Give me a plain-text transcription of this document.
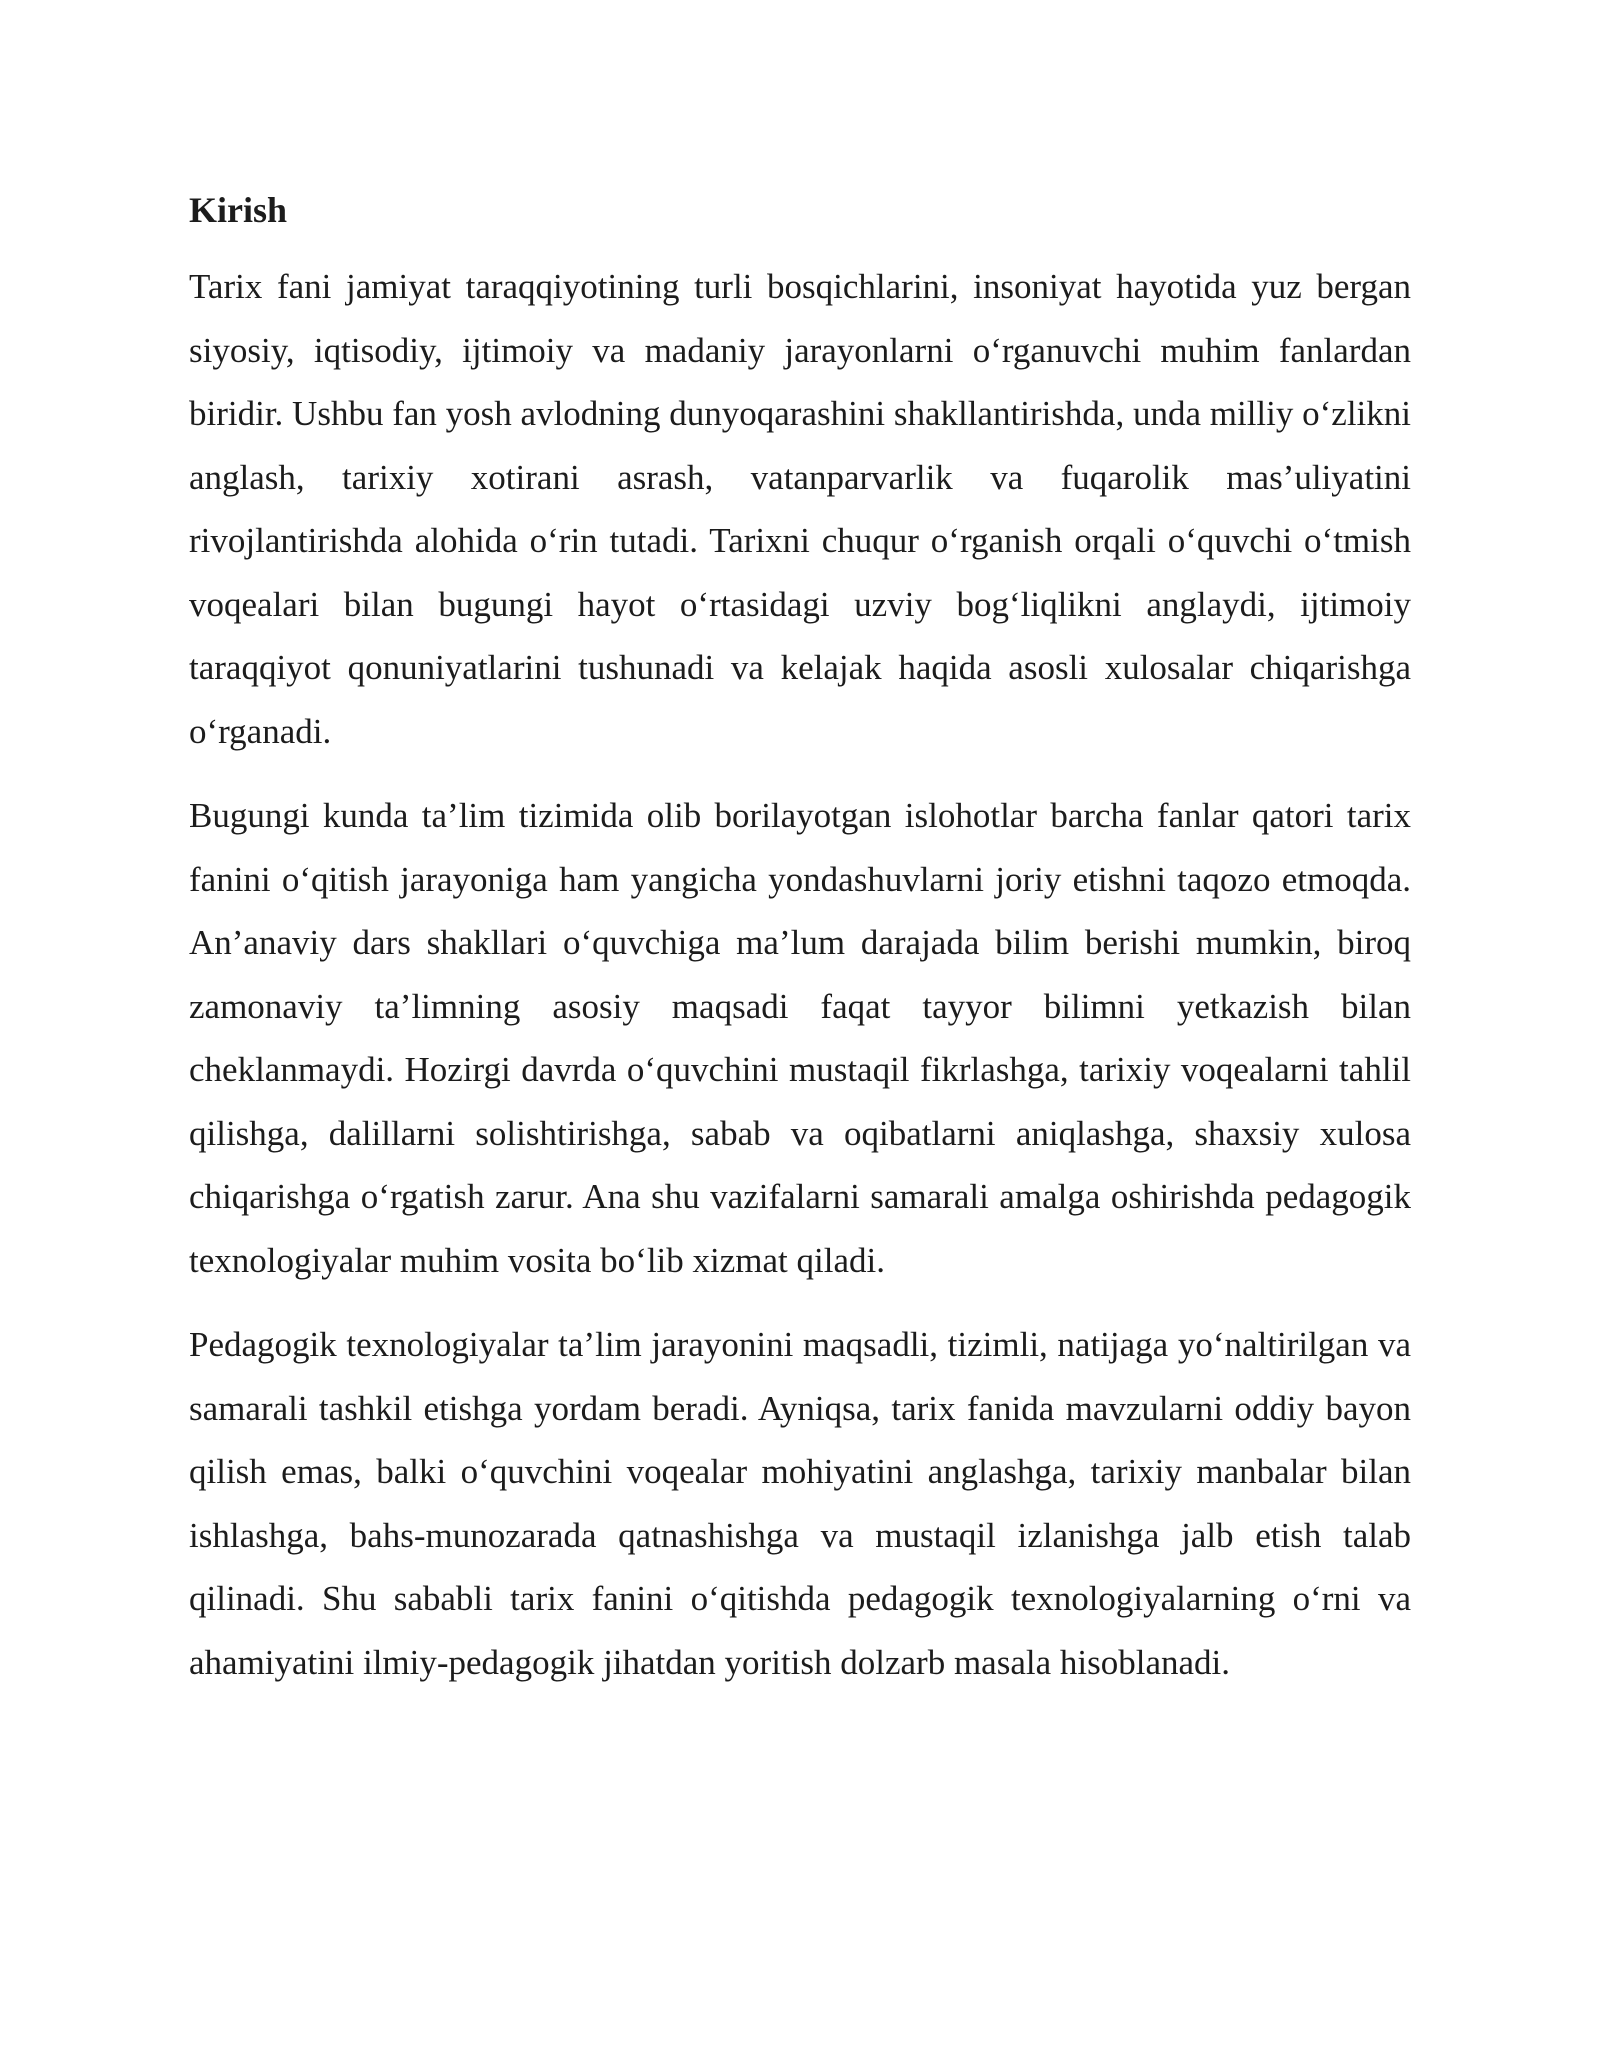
Kirish

Tarix fani jamiyat taraqqiyotining turli bosqichlarini, insoniyat hayotida yuz bergan siyosiy, iqtisodiy, ijtimoiy va madaniy jarayonlarni o‘rganuvchi muhim fanlardan biridir. Ushbu fan yosh avlodning dunyoqarashini shakllantirishda, unda milliy o‘zlikni anglash, tarixiy xotirani asrash, vatanparvarlik va fuqarolik mas’uliyatini rivojlantirishda alohida o‘rin tutadi. Tarixni chuqur o‘rganish orqali o‘quvchi o‘tmish voqealari bilan bugungi hayot o‘rtasidagi uzviy bog‘liqlikni anglaydi, ijtimoiy taraqqiyot qonuniyatlarini tushunadi va kelajak haqida asosli xulosalar chiqarishga o‘rganadi.

Bugungi kunda ta’lim tizimida olib borilayotgan islohotlar barcha fanlar qatori tarix fanini o‘qitish jarayoniga ham yangicha yondashuvlarni joriy etishni taqozo etmoqda. An’anaviy dars shakllari o‘quvchiga ma’lum darajada bilim berishi mumkin, biroq zamonaviy ta’limning asosiy maqsadi faqat tayyor bilimni yetkazish bilan cheklanmaydi. Hozirgi davrda o‘quvchini mustaqil fikrlashga, tarixiy voqealarni tahlil qilishga, dalillarni solishtirishga, sabab va oqibatlarni aniqlashga, shaxsiy xulosa chiqarishga o‘rgatish zarur. Ana shu vazifalarni samarali amalga oshirishda pedagogik texnologiyalar muhim vosita bo‘lib xizmat qiladi.

Pedagogik texnologiyalar ta’lim jarayonini maqsadli, tizimli, natijaga yo‘naltirilgan va samarali tashkil etishga yordam beradi. Ayniqsa, tarix fanida mavzularni oddiy bayon qilish emas, balki o‘quvchini voqealar mohiyatini anglashga, tarixiy manbalar bilan ishlashga, bahs-munozarada qatnashishga va mustaqil izlanishga jalb etish talab qilinadi. Shu sababli tarix fanini o‘qitishda pedagogik texnologiyalarning o‘rni va ahamiyatini ilmiy-pedagogik jihatdan yoritish dolzarb masala hisoblanadi.
